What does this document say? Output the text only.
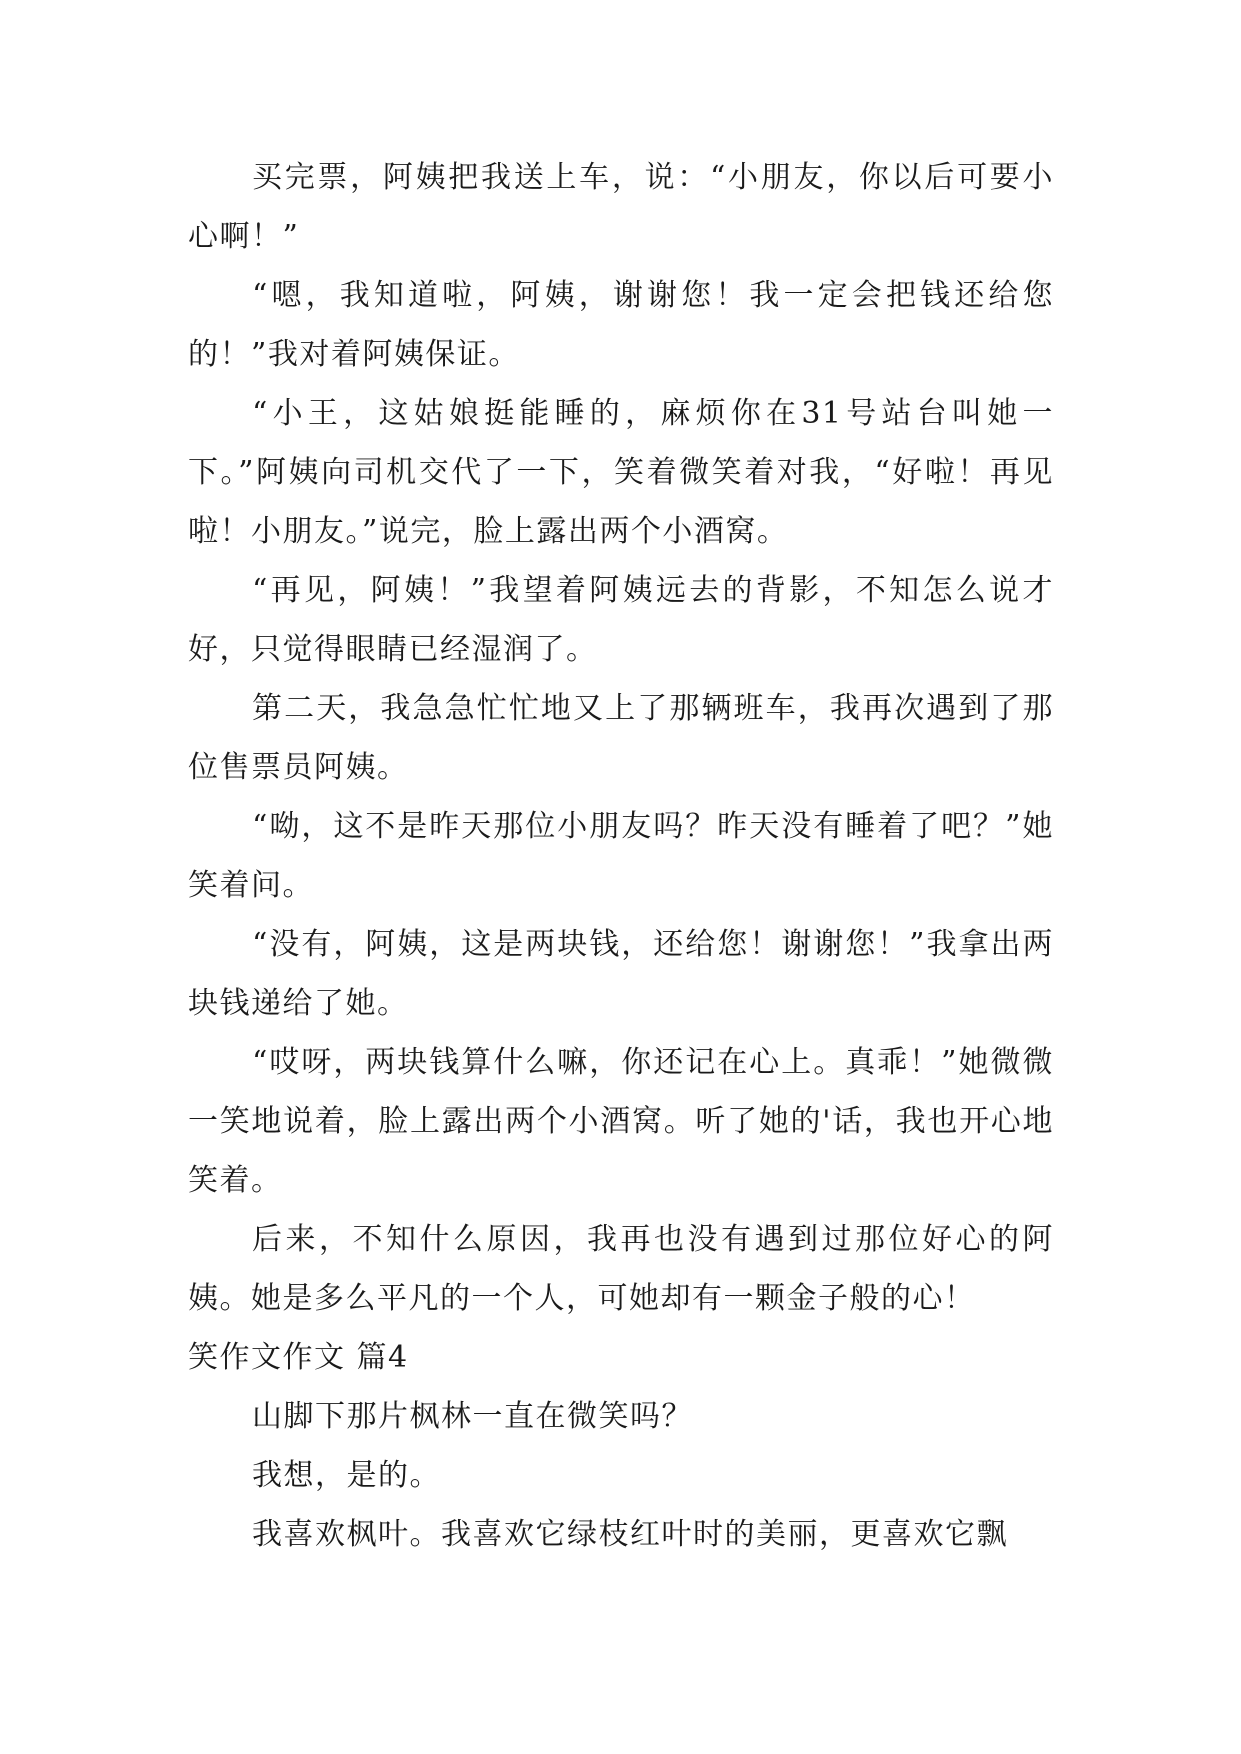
买完票，阿姨把我送上车，说：“小朋友，你以后可要小心啊！”

“嗯，我知道啦，阿姨，谢谢您！我一定会把钱还给您的！”我对着阿姨保证。

“小王，这姑娘挺能睡的，麻烦你在31号站台叫她一下。”阿姨向司机交代了一下，笑着微笑着对我，“好啦！再见啦！小朋友。”说完，脸上露出两个小酒窝。

“再见，阿姨！”我望着阿姨远去的背影，不知怎么说才好，只觉得眼睛已经湿润了。

第二天，我急急忙忙地又上了那辆班车，我再次遇到了那位售票员阿姨。

“呦，这不是昨天那位小朋友吗？昨天没有睡着了吧？”她笑着问。

“没有，阿姨，这是两块钱，还给您！谢谢您！”我拿出两块钱递给了她。

“哎呀，两块钱算什么嘛，你还记在心上。真乖！”她微微一笑地说着，脸上露出两个小酒窝。听了她的'话，我也开心地笑着。

后来，不知什么原因，我再也没有遇到过那位好心的阿姨。她是多么平凡的一个人，可她却有一颗金子般的心！

笑作文作文 篇4

山脚下那片枫林一直在微笑吗？

我想，是的。

我喜欢枫叶。我喜欢它绿枝红叶时的美丽，更喜欢它飘
